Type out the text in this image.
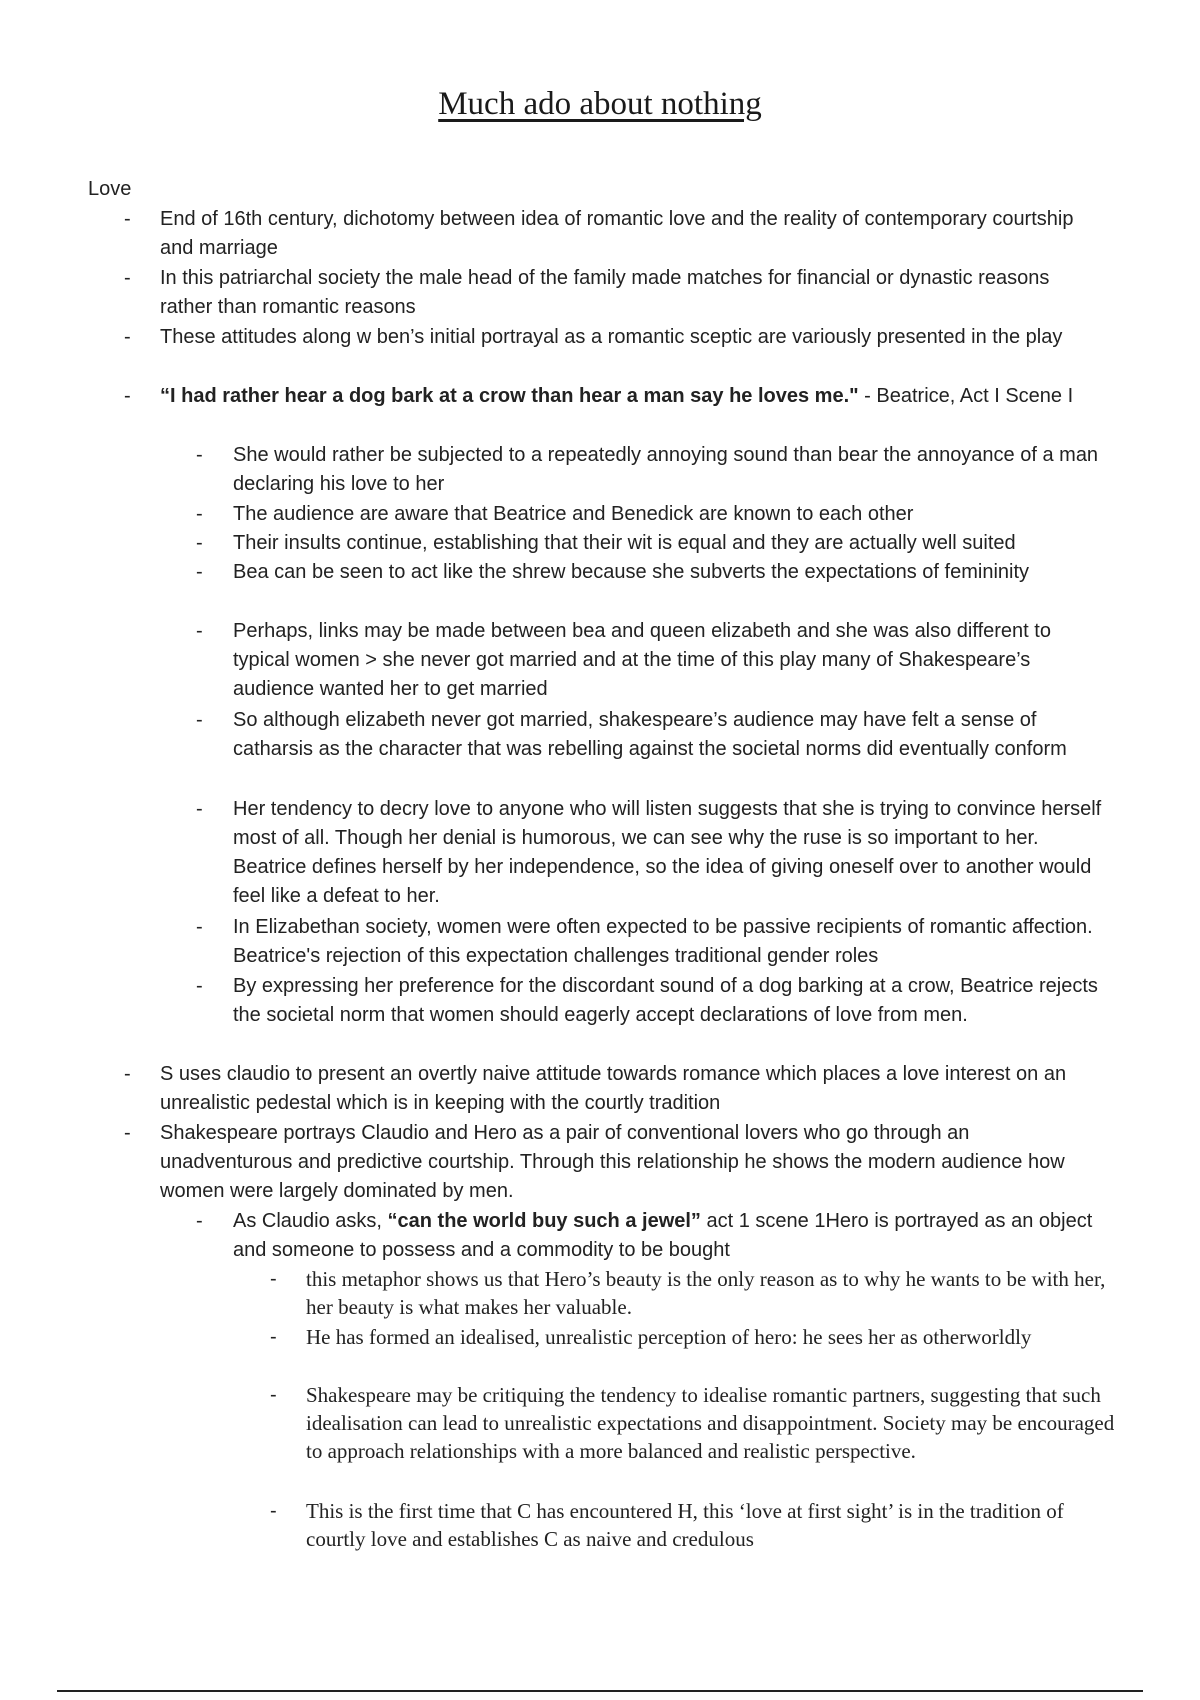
Much ado about nothing
Love
- End of 16th century, dichotomy between idea of romantic love and the reality of contemporary courtship and marriage
- In this patriarchal society the male head of the family made matches for financial or dynastic reasons rather than romantic reasons
- These attitudes along w ben’s initial portrayal as a romantic sceptic are variously presented in the play
- “I had rather hear a dog bark at a crow than hear a man say he loves me." - Beatrice, Act I Scene I
- She would rather be subjected to a repeatedly annoying sound than bear the annoyance of a man declaring his love to her
- The audience are aware that Beatrice and Benedick are known to each other
- Their insults continue, establishing that their wit is equal and they are actually well suited
- Bea can be seen to act like the shrew because she subverts the expectations of femininity
- Perhaps, links may be made between bea and queen elizabeth and she was also different to typical women > she never got married and at the time of this play many of Shakespeare’s audience wanted her to get married
- So although elizabeth never got married, shakespeare’s audience may have felt a sense of catharsis as the character that was rebelling against the societal norms did eventually conform
- Her tendency to decry love to anyone who will listen suggests that she is trying to convince herself most of all. Though her denial is humorous, we can see why the ruse is so important to her. Beatrice defines herself by her independence, so the idea of giving oneself over to another would feel like a defeat to her.
- In Elizabethan society, women were often expected to be passive recipients of romantic affection. Beatrice's rejection of this expectation challenges traditional gender roles
- By expressing her preference for the discordant sound of a dog barking at a crow, Beatrice rejects the societal norm that women should eagerly accept declarations of love from men.
- S uses claudio to present an overtly naive attitude towards romance which places a love interest on an unrealistic pedestal which is in keeping with the courtly tradition
- Shakespeare portrays Claudio and Hero as a pair of conventional lovers who go through an unadventurous and predictive courtship. Through this relationship he shows the modern audience how women were largely dominated by men.
- As Claudio asks, “can the world buy such a jewel” act 1 scene 1Hero is portrayed as an object and someone to possess and a commodity to be bought
- this metaphor shows us that Hero’s beauty is the only reason as to why he wants to be with her, her beauty is what makes her valuable.
- He has formed an idealised, unrealistic perception of hero: he sees her as otherworldly
- Shakespeare may be critiquing the tendency to idealise romantic partners, suggesting that such idealisation can lead to unrealistic expectations and disappointment. Society may be encouraged to approach relationships with a more balanced and realistic perspective.
- This is the first time that C has encountered H, this ‘love at first sight’ is in the tradition of courtly love and establishes C as naive and credulous
